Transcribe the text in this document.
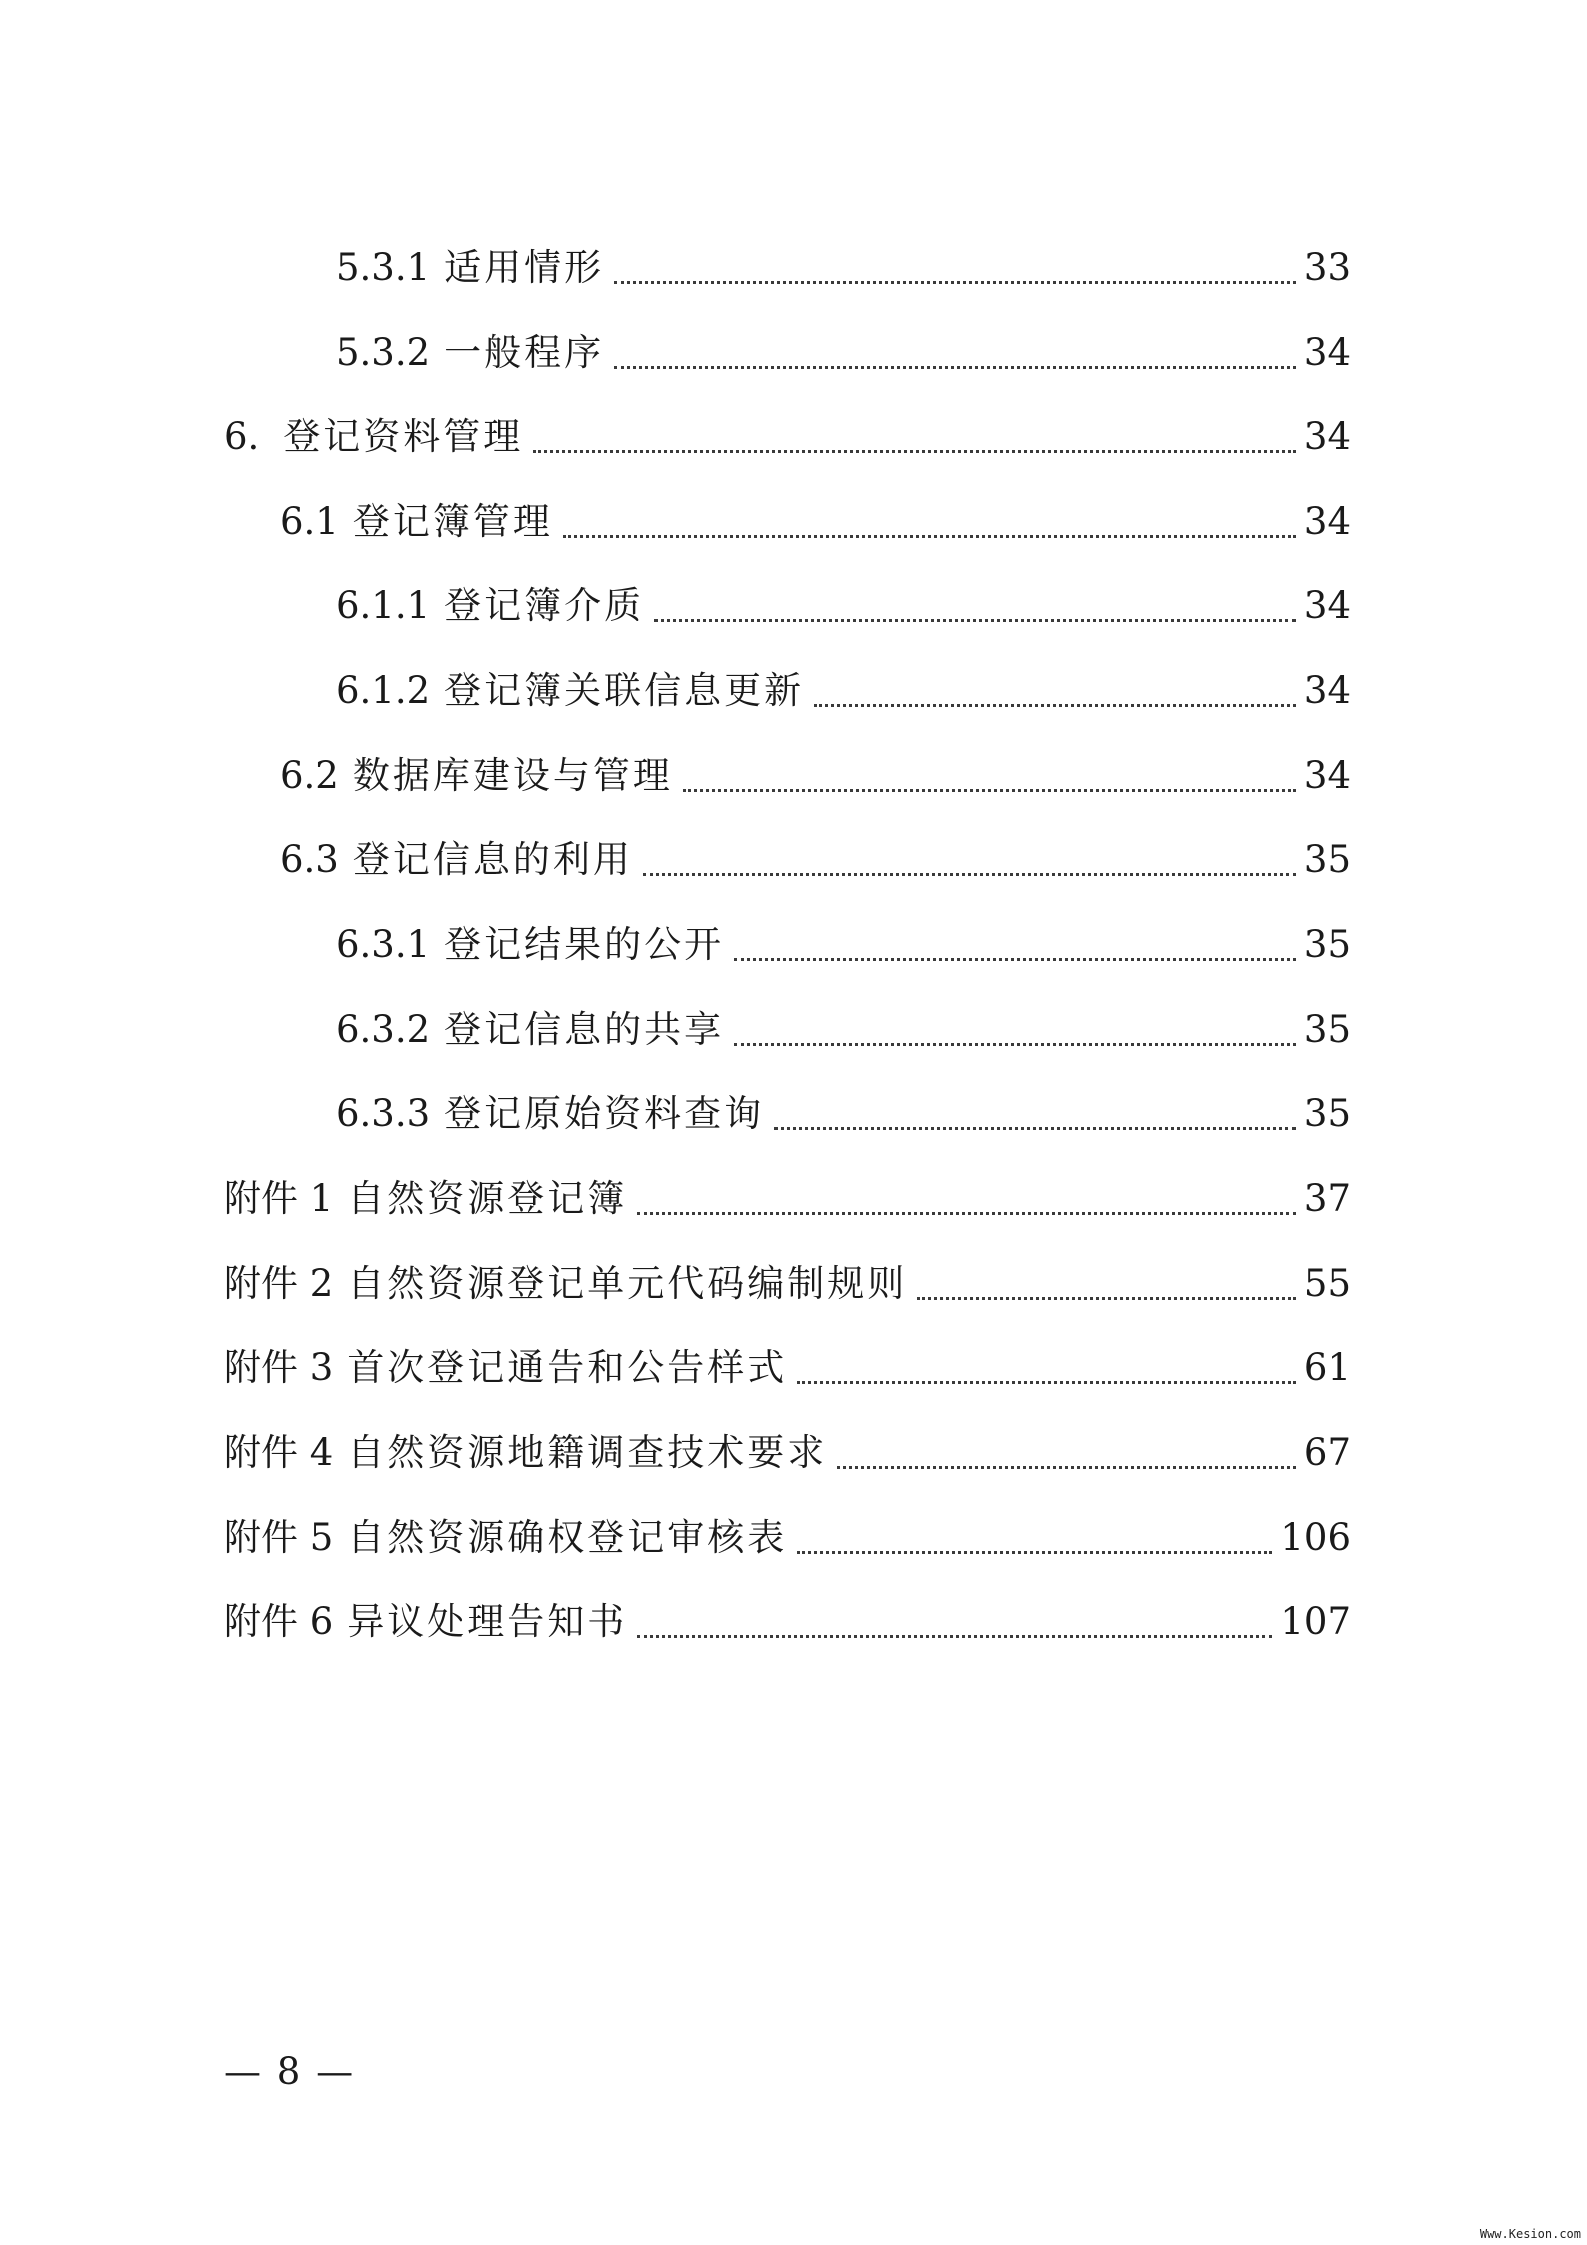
5.3.1 适用情形	33
5.3.2 一般程序	34
6. 登记资料管理	34
6.1 登记簿管理	34
6.1.1 登记簿介质	34
6.1.2 登记簿关联信息更新	34
6.2 数据库建设与管理	34
6.3 登记信息的利用	35
6.3.1 登记结果的公开	35
6.3.2 登记信息的共享	35
6.3.3 登记原始资料查询	35
附件 1 自然资源登记簿	37
附件 2 自然资源登记单元代码编制规则	55
附件 3 首次登记通告和公告样式	61
附件 4 自然资源地籍调查技术要求	67
附件 5 自然资源确权登记审核表	106
附件 6 异议处理告知书	107
— 8 —
Www.Kesion.com
